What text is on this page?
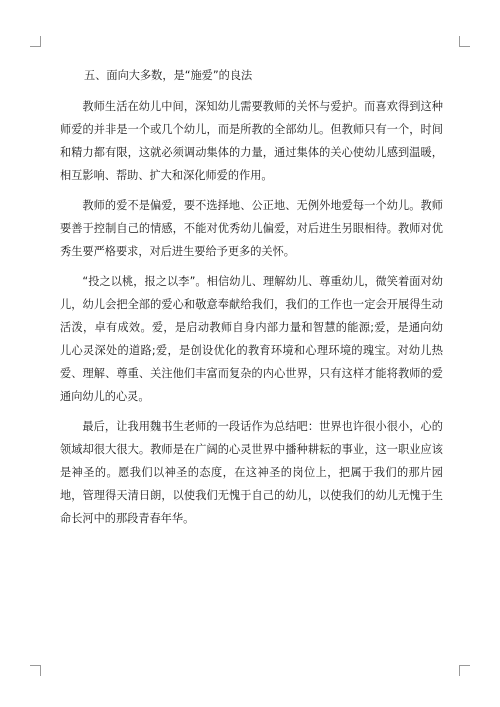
五、面向大多数，是“施爱”的良法

教师生活在幼儿中间，深知幼儿需要教师的关怀与爱护。而喜欢得到这种师爱的并非是一个或几个幼儿，而是所教的全部幼儿。但教师只有一个，时间和精力都有限，这就必须调动集体的力量，通过集体的关心使幼儿感到温暖，相互影响、帮助、扩大和深化师爱的作用。

教师的爱不是偏爱，要不选择地、公正地、无例外地爱每一个幼儿。教师要善于控制自己的情感，不能对优秀幼儿偏爱，对后进生另眼相待。教师对优秀生要严格要求，对后进生要给予更多的关怀。

“投之以桃，报之以李”。相信幼儿、理解幼儿、尊重幼儿，微笑着面对幼儿，幼儿会把全部的爱心和敬意奉献给我们，我们的工作也一定会开展得生动活泼，卓有成效。爱，是启动教师自身内部力量和智慧的能源;爱，是通向幼儿心灵深处的道路;爱，是创设优化的教育环境和心理环境的瑰宝。对幼儿热爱、理解、尊重、关注他们丰富而复杂的内心世界，只有这样才能将教师的爱通向幼儿的心灵。

最后，让我用魏书生老师的一段话作为总结吧：世界也许很小很小，心的领域却很大很大。教师是在广阔的心灵世界中播种耕耘的事业，这一职业应该是神圣的。愿我们以神圣的态度，在这神圣的岗位上，把属于我们的那片园地，管理得天清日朗，以使我们无愧于自己的幼儿，以使我们的幼儿无愧于生命长河中的那段青春年华。
